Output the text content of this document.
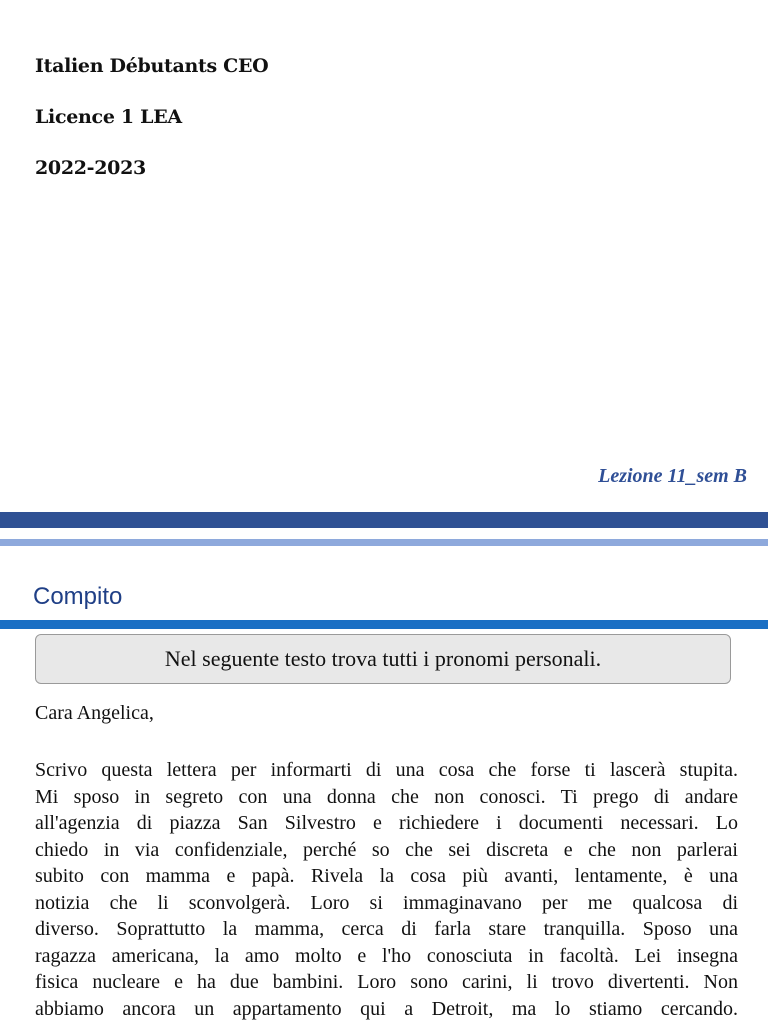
Italien Débutants CEO
Licence 1 LEA
2022-2023
Lezione 11_sem B
Compito
Nel seguente testo trova tutti i pronomi personali.
Cara Angelica,
Scrivo questa lettera per informarti di una cosa che forse ti lascerà stupita.
Mi sposo in segreto con una donna che non conosci. Ti prego di andare
all'agenzia di piazza San Silvestro e richiedere i documenti necessari. Lo
chiedo in via confidenziale, perché so che sei discreta e che non parlerai
subito con mamma e papà. Rivela la cosa più avanti, lentamente, è una
notizia che li sconvolgerà. Loro si immaginavano per me qualcosa di
diverso. Soprattutto la mamma, cerca di farla stare tranquilla. Sposo una
ragazza americana, la amo molto e l'ho conosciuta in facoltà. Lei insegna
fisica nucleare e ha due bambini. Loro sono carini, li trovo divertenti. Non
abbiamo ancora un appartamento qui a Detroit, ma lo stiamo cercando.
